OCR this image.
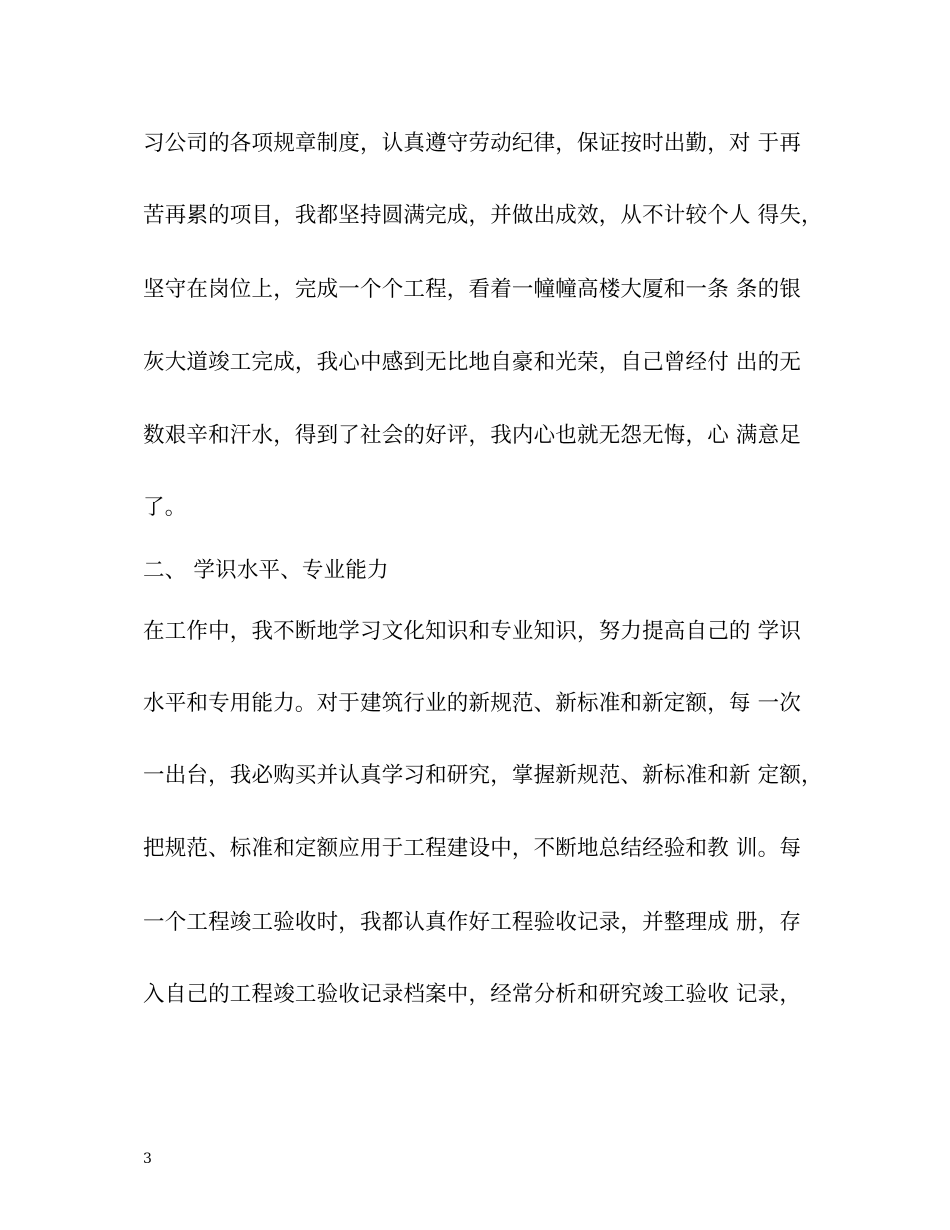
习公司的各项规章制度，认真遵守劳动纪律，保证按时出勤，对 于再
苦再累的项目，我都坚持圆满完成，并做出成效，从不计较个人 得失，
坚守在岗位上，完成一个个工程，看着一幢幢高楼大厦和一条 条的银
灰大道竣工完成，我心中感到无比地自豪和光荣，自己曾经付 出的无
数艰辛和汗水，得到了社会的好评，我内心也就无怨无悔，心 满意足
了。
二、 学识水平、专业能力
在工作中，我不断地学习文化知识和专业知识，努力提高自己的 学识
水平和专用能力。对于建筑行业的新规范、新标准和新定额，每 一次
一出台，我必购买并认真学习和研究，掌握新规范、新标准和新 定额，
把规范、标准和定额应用于工程建设中，不断地总结经验和教 训。每
一个工程竣工验收时，我都认真作好工程验收记录，并整理成 册，存
入自己的工程竣工验收记录档案中，经常分析和研究竣工验收 记录，
3
